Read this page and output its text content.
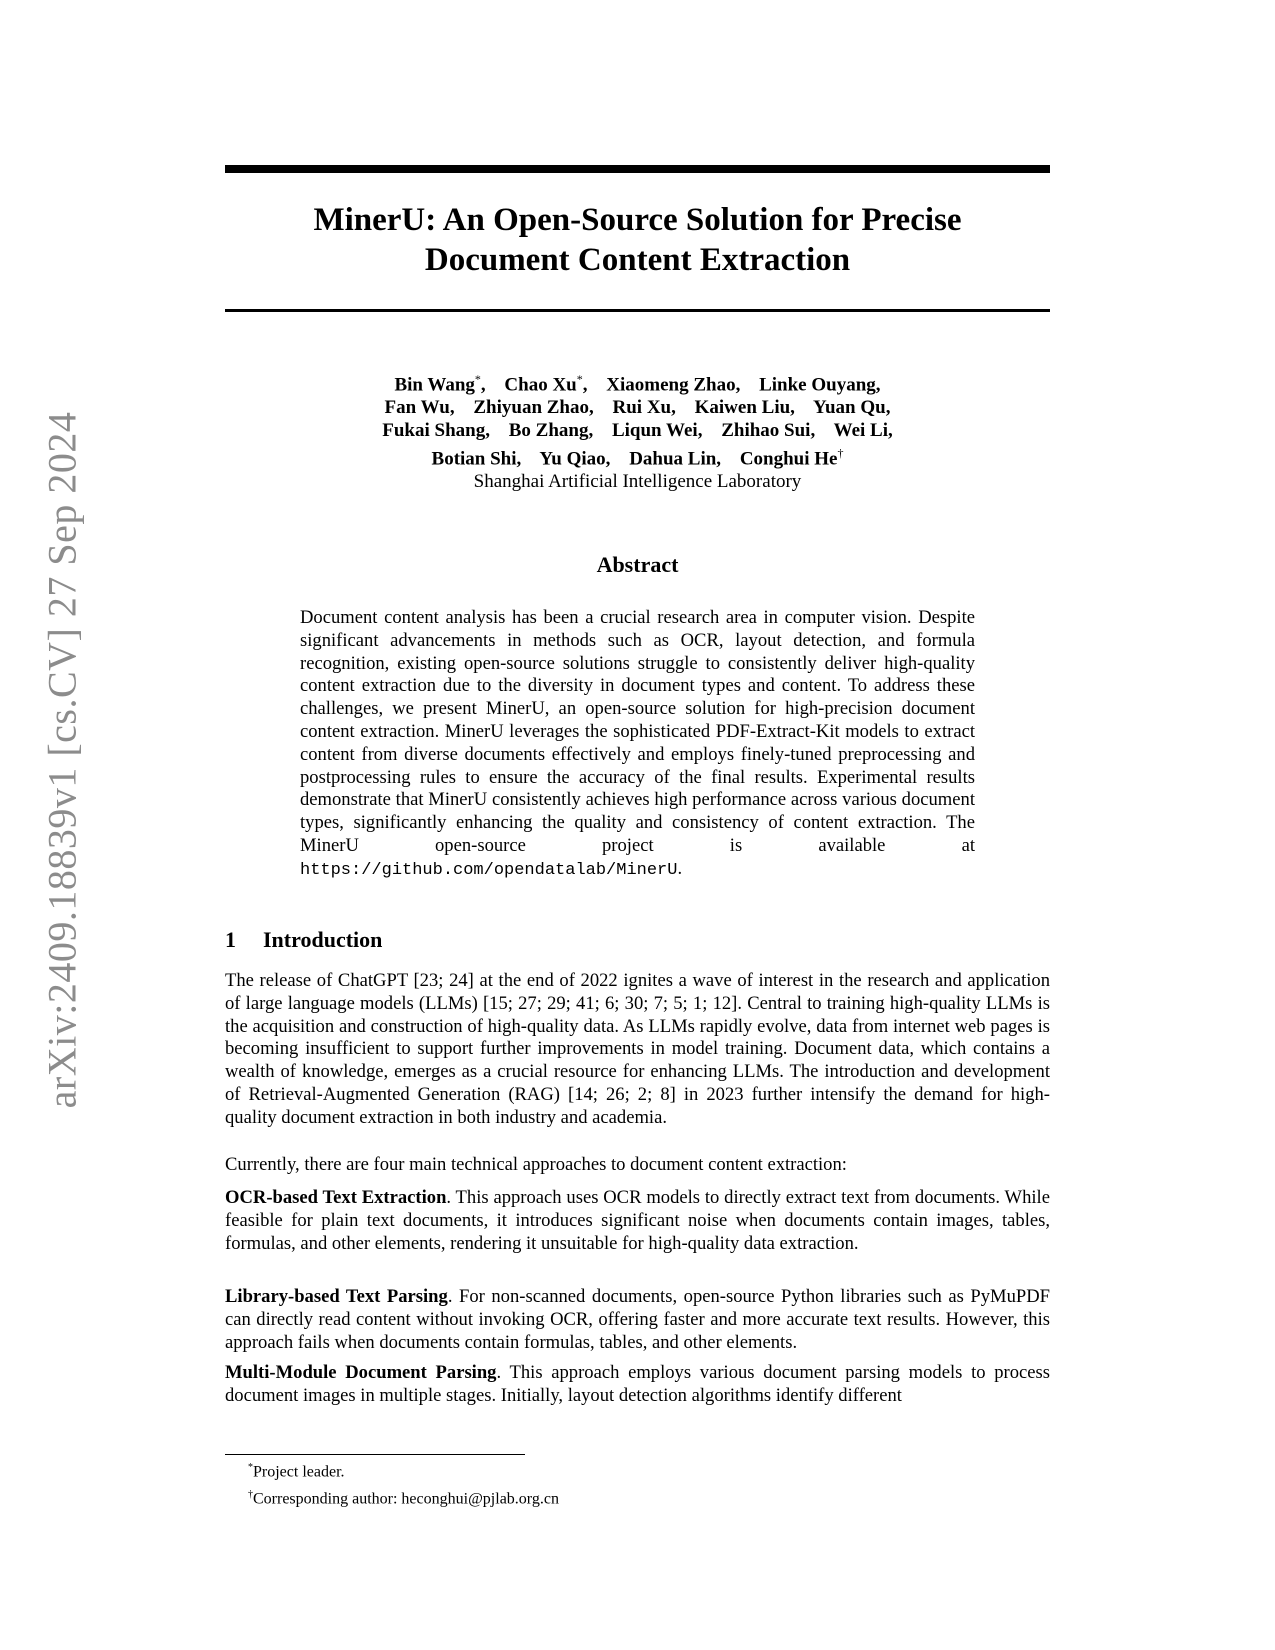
arXiv:2409.18839v1 [cs.CV] 27 Sep 2024
MinerU: An Open-Source Solution for Precise
Document Content Extraction
Bin Wang*, Chao Xu*, Xiaomeng Zhao, Linke Ouyang,
Fan Wu, Zhiyuan Zhao, Rui Xu, Kaiwen Liu, Yuan Qu,
Fukai Shang, Bo Zhang, Liqun Wei, Zhihao Sui, Wei Li,
Botian Shi, Yu Qiao, Dahua Lin, Conghui He†
Shanghai Artificial Intelligence Laboratory
Abstract
Document content analysis has been a crucial research area in computer vision. Despite significant advancements in methods such as OCR, layout detection, and formula recognition, existing open-source solutions struggle to consistently deliver high-quality content extraction due to the diversity in document types and content. To address these challenges, we present MinerU, an open-source solution for high-precision document content extraction. MinerU leverages the sophisticated PDF-Extract-Kit models to extract content from diverse documents effectively and employs finely-tuned preprocessing and postprocessing rules to ensure the accuracy of the final results. Experimental results demonstrate that MinerU consistently achieves high performance across various document types, significantly enhancing the quality and consistency of content extraction. The MinerU open-source project is available at https://github.com/opendatalab/MinerU.
1 Introduction
The release of ChatGPT [23; 24] at the end of 2022 ignites a wave of interest in the research and application of large language models (LLMs) [15; 27; 29; 41; 6; 30; 7; 5; 1; 12]. Central to training high-quality LLMs is the acquisition and construction of high-quality data. As LLMs rapidly evolve, data from internet web pages is becoming insufficient to support further improvements in model training. Document data, which contains a wealth of knowledge, emerges as a crucial resource for enhancing LLMs. The introduction and development of Retrieval-Augmented Generation (RAG) [14; 26; 2; 8] in 2023 further intensify the demand for high-quality document extraction in both industry and academia.
Currently, there are four main technical approaches to document content extraction:
OCR-based Text Extraction. This approach uses OCR models to directly extract text from documents. While feasible for plain text documents, it introduces significant noise when documents contain images, tables, formulas, and other elements, rendering it unsuitable for high-quality data extraction.
Library-based Text Parsing. For non-scanned documents, open-source Python libraries such as PyMuPDF can directly read content without invoking OCR, offering faster and more accurate text results. However, this approach fails when documents contain formulas, tables, and other elements.
Multi-Module Document Parsing. This approach employs various document parsing models to process document images in multiple stages. Initially, layout detection algorithms identify different
*Project leader.
†Corresponding author: heconghui@pjlab.org.cn
